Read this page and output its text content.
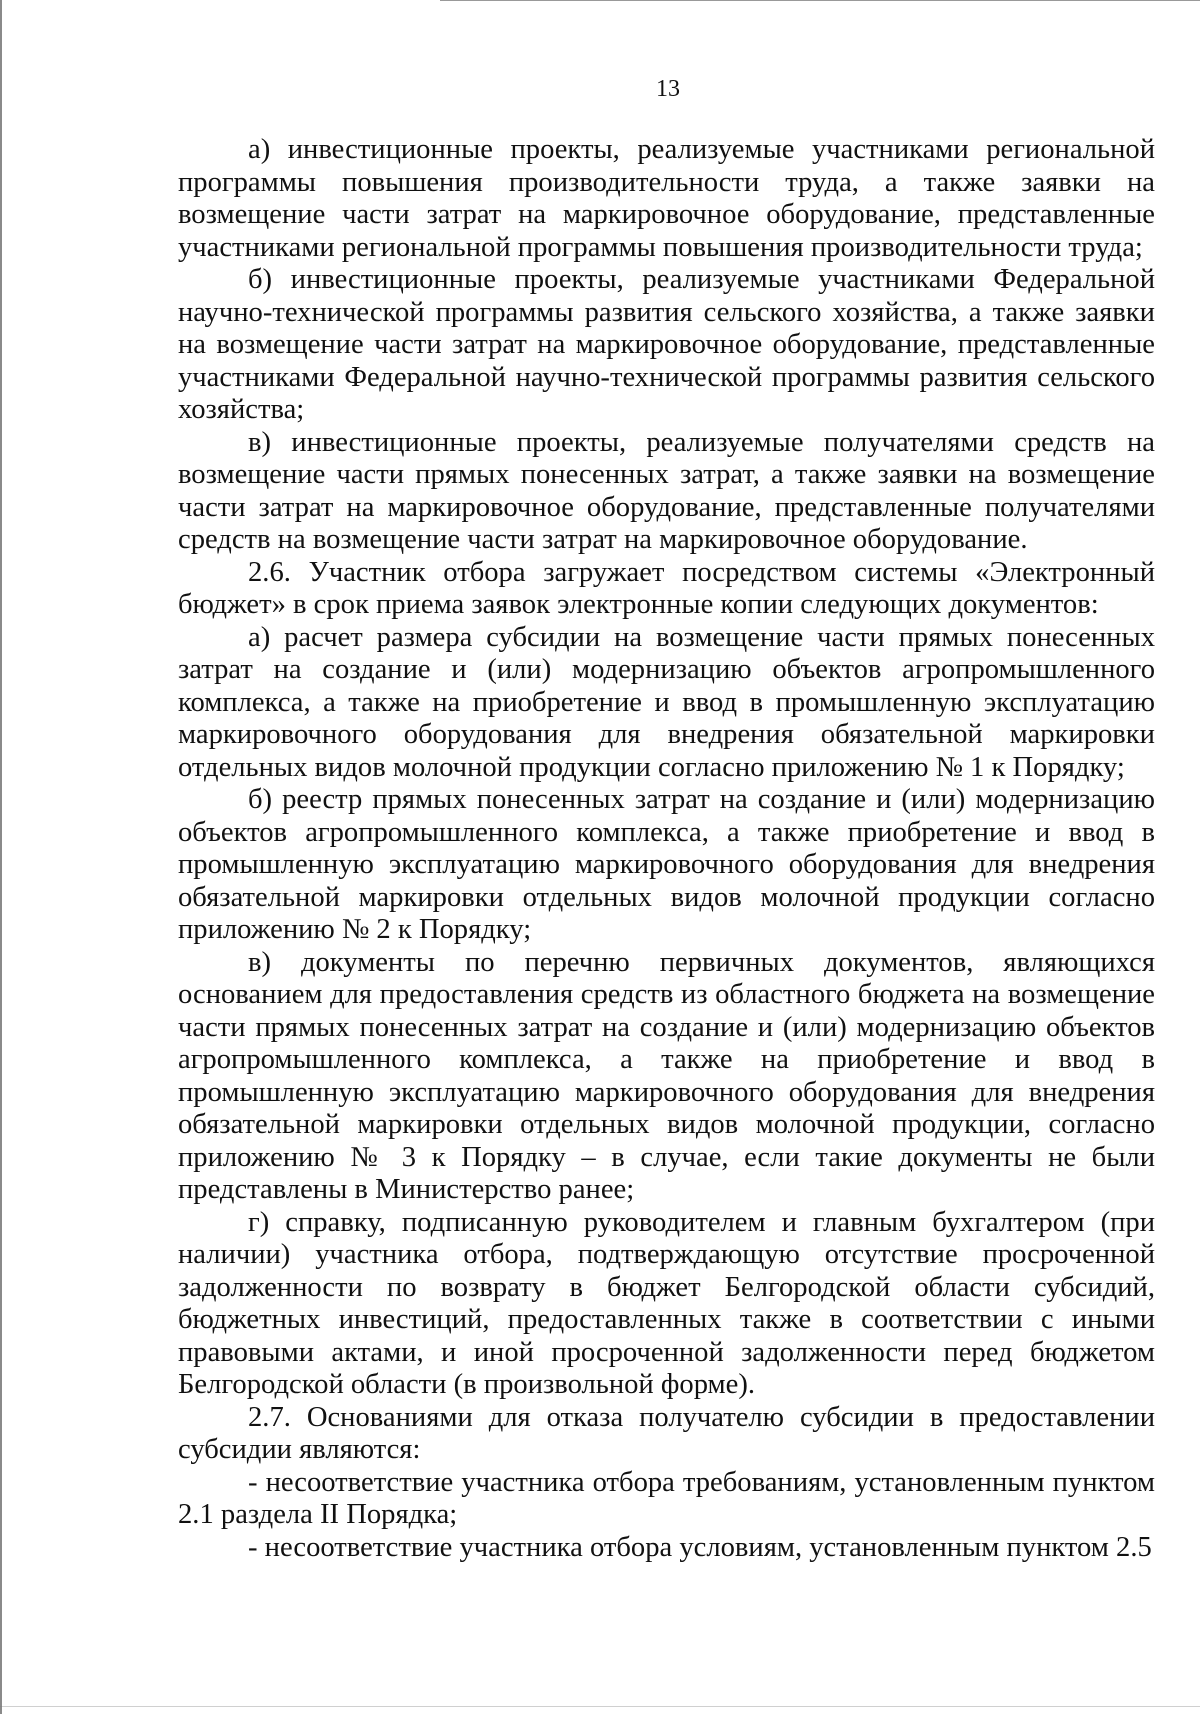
13

а) инвестиционные проекты, реализуемые участниками региональной программы повышения производительности труда, а также заявки на возмещение части затрат на маркировочное оборудование, представленные участниками региональной программы повышения производительности труда;

б) инвестиционные проекты, реализуемые участниками Федеральной научно-технической программы развития сельского хозяйства, а также заявки на возмещение части затрат на маркировочное оборудование, представленные участниками Федеральной научно-технической программы развития сельского хозяйства;

в) инвестиционные проекты, реализуемые получателями средств на возмещение части прямых понесенных затрат, а также заявки на возмещение части затрат на маркировочное оборудование, представленные получателями средств на возмещение части затрат на маркировочное оборудование.

2.6. Участник отбора загружает посредством системы «Электронный бюджет» в срок приема заявок электронные копии следующих документов:

а) расчет размера субсидии на возмещение части прямых понесенных затрат на создание и (или) модернизацию объектов агропромышленного комплекса, а также на приобретение и ввод в промышленную эксплуатацию маркировочного оборудования для внедрения обязательной маркировки отдельных видов молочной продукции согласно приложению № 1 к Порядку;

б) реестр прямых понесенных затрат на создание и (или) модернизацию объектов агропромышленного комплекса, а также приобретение и ввод в промышленную эксплуатацию маркировочного оборудования для внедрения обязательной маркировки отдельных видов молочной продукции согласно приложению № 2 к Порядку;

в) документы по перечню первичных документов, являющихся основанием для предоставления средств из областного бюджета на возмещение части прямых понесенных затрат на создание и (или) модернизацию объектов агропромышленного комплекса, а также на приобретение и ввод в промышленную эксплуатацию маркировочного оборудования для внедрения обязательной маркировки отдельных видов молочной продукции, согласно приложению № 3 к Порядку – в случае, если такие документы не были представлены в Министерство ранее;

г) справку, подписанную руководителем и главным бухгалтером (при наличии) участника отбора, подтверждающую отсутствие просроченной задолженности по возврату в бюджет Белгородской области субсидий, бюджетных инвестиций, предоставленных также в соответствии с иными правовыми актами, и иной просроченной задолженности перед бюджетом Белгородской области (в произвольной форме).

2.7. Основаниями для отказа получателю субсидии в предоставлении субсидии являются:

- несоответствие участника отбора требованиям, установленным пунктом 2.1 раздела II Порядка;

- несоответствие участника отбора условиям, установленным пунктом 2.5
